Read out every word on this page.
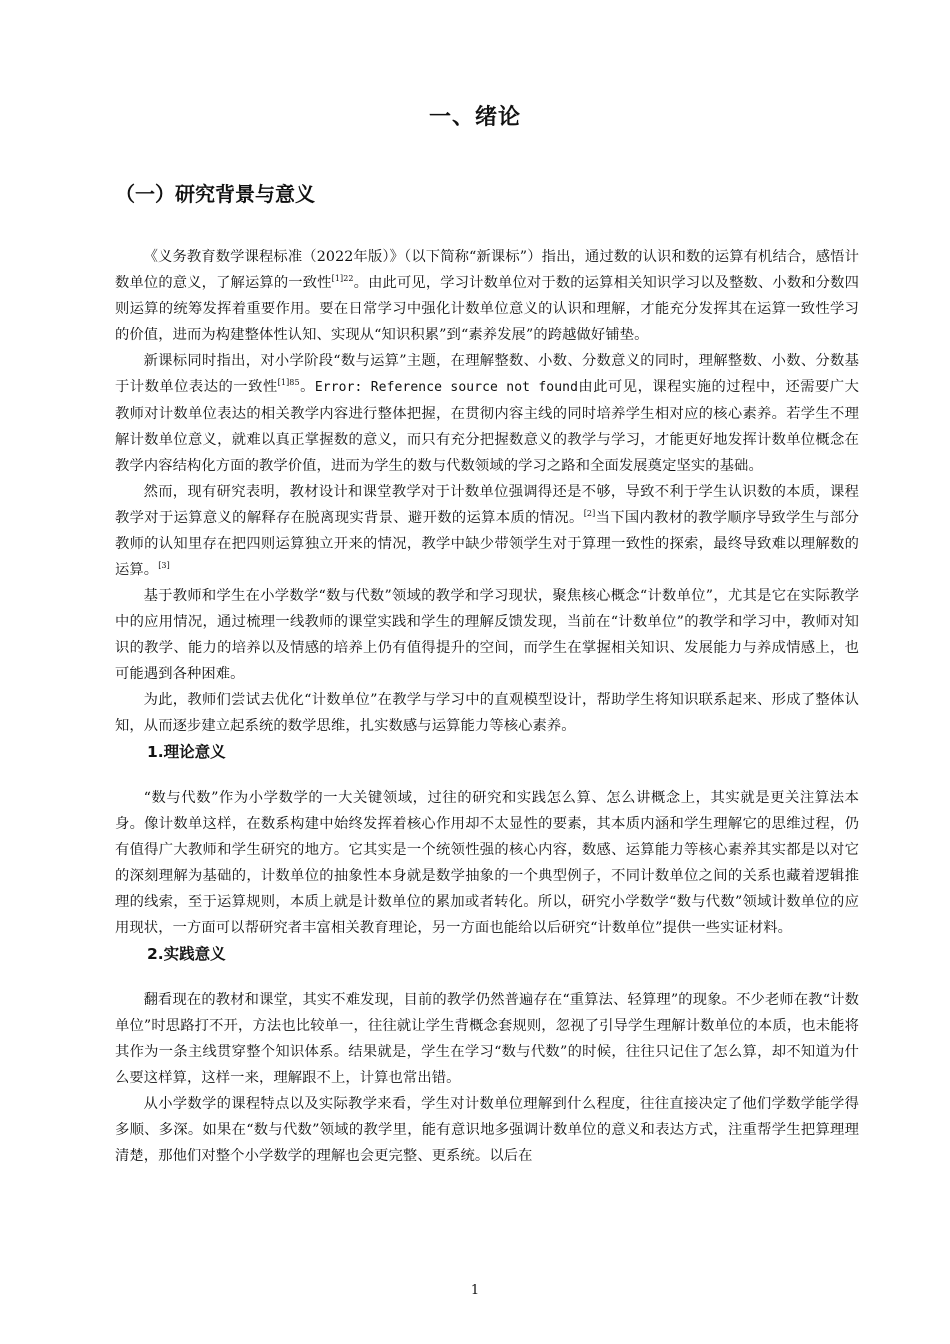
一、绪论
（一）研究背景与意义

《义务教育数学课程标准（2022年版）》（以下简称“新课标”）指出，通过数的认识和数的运算有机结合，感悟计数单位的意义，了解运算的一致性$^{[1]22}$。由此可见，学习计数单位对于数的运算相关知识学习以及整数、小数和分数四则运算的统筹发挥着重要作用。要在日常学习中强化计数单位意义的认识和理解，才能充分发挥其在运算一致性学习的价值，进而为构建整体性认知、实现从“知识积累”到“素养发展”的跨越做好铺垫。

新课标同时指出，对小学阶段“数与运算”主题，在理解整数、小数、分数意义的同时，理解整数、小数、分数基于计数单位表达的一致性$^{[1]85}$。Error: Reference source not found由此可见，课程实施的过程中，还需要广大教师对计数单位表达的相关教学内容进行整体把握，在贯彻内容主线的同时培养学生相对应的核心素养。若学生不理解计数单位意义，就难以真正掌握数的意义，而只有充分把握数意义的教学与学习，才能更好地发挥计数单位概念在教学内容结构化方面的教学价值，进而为学生的数与代数领域的学习之路和全面发展奠定坚实的基础。

然而，现有研究表明，教材设计和课堂教学对于计数单位强调得还是不够，导致不利于学生认识数的本质，课程教学对于运算意义的解释存在脱离现实背景、避开数的运算本质的情况。[2]当下国内教材的教学顺序导致学生与部分教师的认知里存在把四则运算独立开来的情况，教学中缺少带领学生对于算理一致性的探索，最终导致难以理解数的运算。[3]

基于教师和学生在小学数学“数与代数”领域的教学和学习现状，聚焦核心概念“计数单位”，尤其是它在实际教学中的应用情况，通过梳理一线教师的课堂实践和学生的理解反馈发现，当前在“计数单位”的教学和学习中，教师对知识的教学、能力的培养以及情感的培养上仍有值得提升的空间，而学生在掌握相关知识、发展能力与养成情感上，也可能遇到各种困难。

为此，教师们尝试去优化“计数单位”在教学与学习中的直观模型设计，帮助学生将知识联系起来、形成了整体认知，从而逐步建立起系统的数学思维，扎实数感与运算能力等核心素养。

1.理论意义

“数与代数”作为小学数学的一大关键领域，过往的研究和实践怎么算、怎么讲概念上，其实就是更关注算法本身。像计数单这样，在数系构建中始终发挥着核心作用却不太显性的要素，其本质内涵和学生理解它的思维过程，仍有值得广大教师和学生研究的地方。它其实是一个统领性强的核心内容，数感、运算能力等核心素养其实都是以对它的深刻理解为基础的，计数单位的抽象性本身就是数学抽象的一个典型例子，不同计数单位之间的关系也藏着逻辑推理的线索，至于运算规则，本质上就是计数单位的累加或者转化。所以，研究小学数学“数与代数”领域计数单位的应用现状，一方面可以帮研究者丰富相关教育理论，另一方面也能给以后研究“计数单位”提供一些实证材料。

2.实践意义

翻看现在的教材和课堂，其实不难发现，目前的教学仍然普遍存在“重算法、轻算理”的现象。不少老师在教“计数单位”时思路打不开，方法也比较单一，往往就让学生背概念套规则，忽视了引导学生理解计数单位的本质，也未能将其作为一条主线贯穿整个知识体系。结果就是，学生在学习“数与代数”的时候，往往只记住了怎么算，却不知道为什么要这样算，这样一来，理解跟不上，计算也常出错。

从小学数学的课程特点以及实际教学来看，学生对计数单位理解到什么程度，往往直接决定了他们学数学能学得多顺、多深。如果在“数与代数”领域的教学里，能有意识地多强调计数单位的意义和表达方式，注重帮学生把算理理清楚，那他们对整个小学数学的理解也会更完整、更系统。以后在

1
